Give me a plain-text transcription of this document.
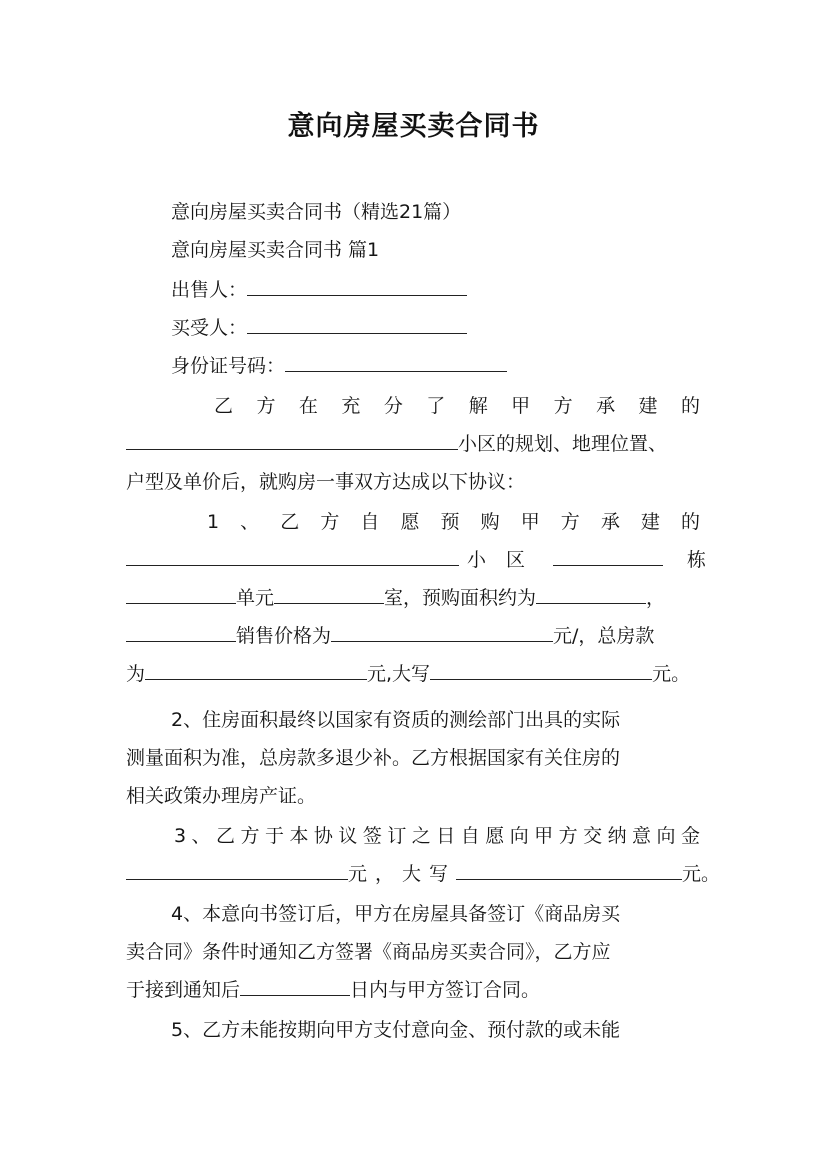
意向房屋买卖合同书
意向房屋买卖合同书（精选21篇）
意向房屋买卖合同书 篇1
出售人：
买受人：
身份证号码：
乙方在充分了解甲方承建的
小区的规划、地理位置、
户型及单价后，就购房一事双方达成以下协议：
1、乙方自愿预购甲方承建的
小区	栋
单元	室，预购面积约为	，
销售价格为	元/，总房款
为	元,大写	元。
2、住房面积最终以国家有资质的测绘部门出具的实际
测量面积为准，总房款多退少补。乙方根据国家有关住房的
相关政策办理房产证。
3、乙方于本协议签订之日自愿向甲方交纳意向金
元，大写	元。
4、本意向书签订后，甲方在房屋具备签订《商品房买
卖合同》条件时通知乙方签署《商品房买卖合同》，乙方应
于接到通知后	日内与甲方签订合同。
5、乙方未能按期向甲方支付意向金、预付款的或未能
